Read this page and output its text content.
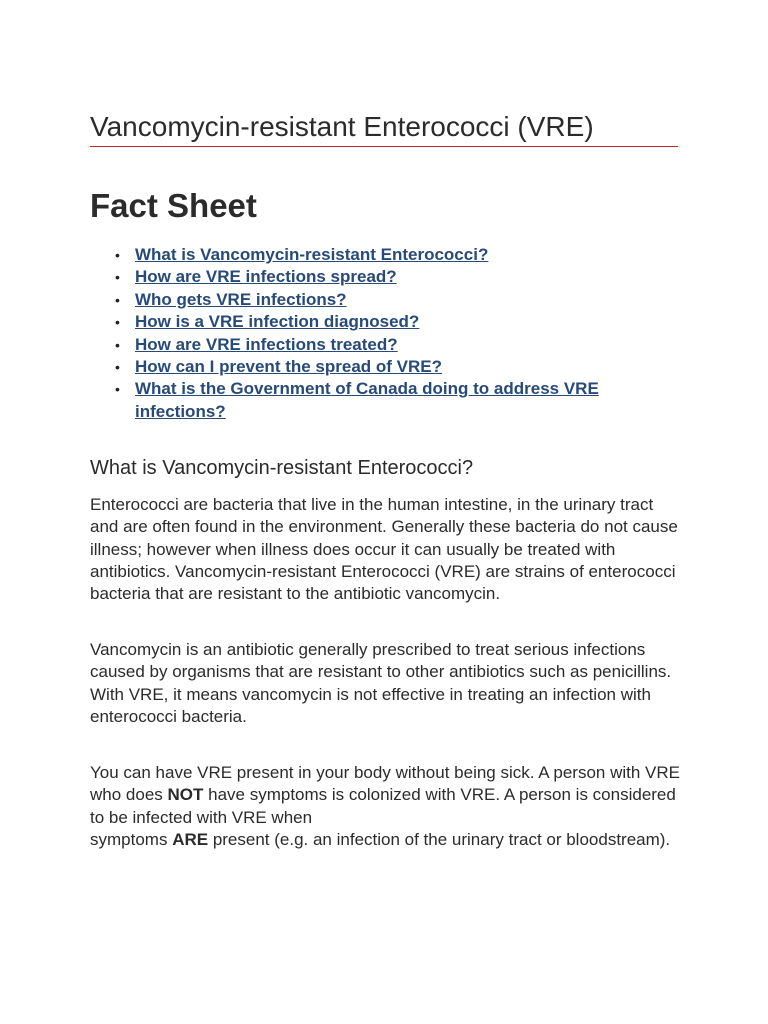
Vancomycin-resistant Enterococci (VRE)
Fact Sheet
• What is Vancomycin-resistant Enterococci?
• How are VRE infections spread?
• Who gets VRE infections?
• How is a VRE infection diagnosed?
• How are VRE infections treated?
• How can I prevent the spread of VRE?
• What is the Government of Canada doing to address VRE infections?
What is Vancomycin-resistant Enterococci?

Enterococci are bacteria that live in the human intestine, in the urinary tract and are often found in the environment. Generally these bacteria do not cause illness; however when illness does occur it can usually be treated with antibiotics. Vancomycin-resistant Enterococci (VRE) are strains of enterococci bacteria that are resistant to the antibiotic vancomycin.

Vancomycin is an antibiotic generally prescribed to treat serious infections caused by organisms that are resistant to other antibiotics such as penicillins.
With VRE, it means vancomycin is not effective in treating an infection with enterococci bacteria.

You can have VRE present in your body without being sick. A person with VRE who does NOT have symptoms is colonized with VRE. A person is considered to be infected with VRE when
symptoms ARE present (e.g. an infection of the urinary tract or bloodstream).
